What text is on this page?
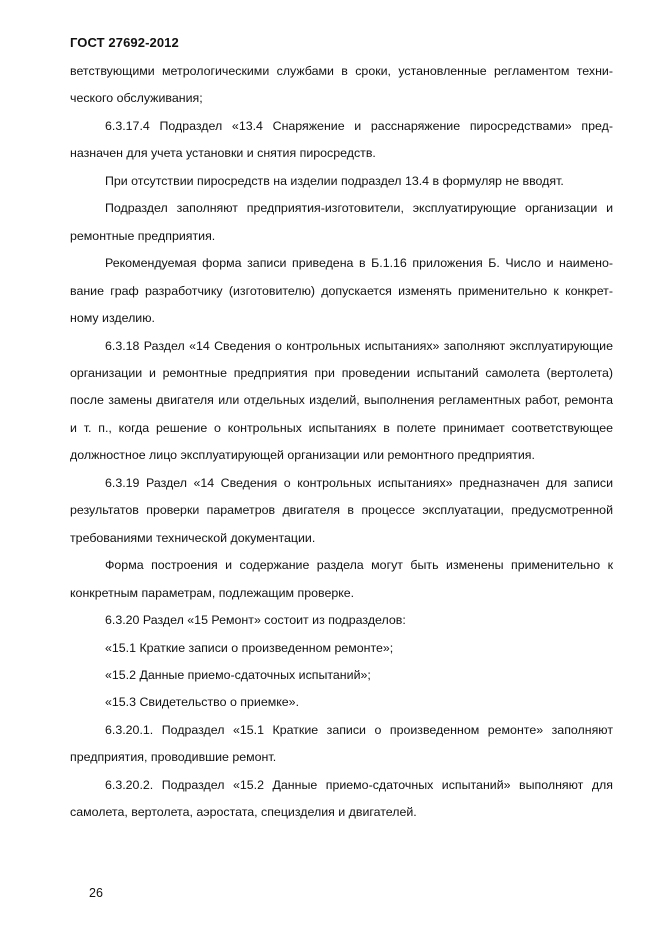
ГОСТ 27692-2012

ветствующими метрологическими службами в сроки, установленные регламентом технического обслуживания;

6.3.17.4 Подраздел «13.4 Снаряжение и расснаряжение пиросредствами» предназначен для учета установки и снятия пиросредств.

При отсутствии пиросредств на изделии подраздел 13.4 в формуляр не вводят.

Подраздел заполняют предприятия-изготовители, эксплуатирующие организации и ремонтные предприятия.

Рекомендуемая форма записи приведена в Б.1.16 приложения Б. Число и наименование граф разработчику (изготовителю) допускается изменять применительно к конкретному изделию.

6.3.18 Раздел «14 Сведения о контрольных испытаниях» заполняют эксплуатирующие организации и ремонтные предприятия при проведении испытаний самолета (вертолета) после замены двигателя или отдельных изделий, выполнения регламентных работ, ремонта и т. п., когда решение о контрольных испытаниях в полете принимает соответствующее должностное лицо эксплуатирующей организации или ремонтного предприятия.

6.3.19 Раздел «14 Сведения о контрольных испытаниях» предназначен для записи результатов проверки параметров двигателя в процессе эксплуатации, предусмотренной требованиями технической документации.

Форма построения и содержание раздела могут быть изменены применительно к конкретным параметрам, подлежащим проверке.

6.3.20 Раздел «15 Ремонт» состоит из подразделов:

«15.1 Краткие записи о произведенном ремонте»;

«15.2 Данные приемо-сдаточных испытаний»;

«15.3 Свидетельство о приемке».

6.3.20.1. Подраздел «15.1 Краткие записи о произведенном ремонте» заполняют предприятия, проводившие ремонт.

6.3.20.2. Подраздел «15.2 Данные приемо-сдаточных испытаний» выполняют для самолета, вертолета, аэростата, специзделия и двигателей.

26
